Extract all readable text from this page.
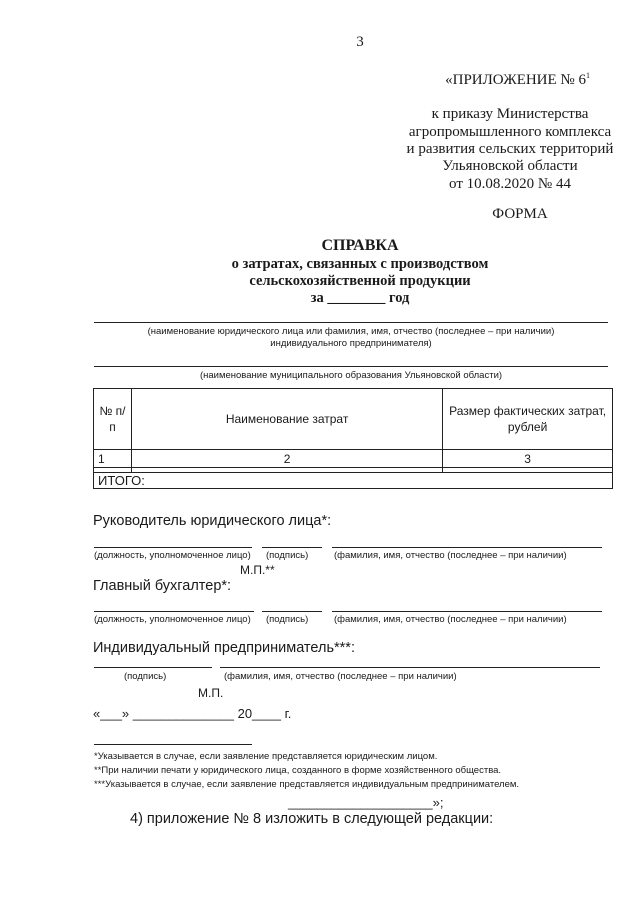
3
«ПРИЛОЖЕНИЕ № $6^1$
к приказу Министерства
агропромышленного комплекса
и развития сельских территорий
Ульяновской области
от 10.08.2020 № 44
ФОРМА
СПРАВКА
о затратах, связанных с производством
сельскохозяйственной продукции
за ________ год
(наименование юридического лица или фамилия, имя, отчество (последнее – при наличии)
индивидуального предпринимателя)
(наименование муниципального образования Ульяновской области)
№ п/п	Наименование затрат	Размер фактических затрат, рублей
1	2	3

ИТОГО:		
Руководитель юридического лица*:
(должность, уполномоченное лицо) (подпись)	(фамилия, имя, отчество (последнее – при наличии)
М.П.**
Главный бухгалтер*:
(должность, уполномоченное лицо) (подпись)	(фамилия, имя, отчество (последнее – при наличии)
Индивидуальный предприниматель***:
(подпись)	(фамилия, имя, отчество (последнее – при наличии)
М.П.
«___» ______________ 20____ г.
*Указывается в случае, если заявление представляется юридическим лицом.
**При наличии печати у юридического лица, созданного в форме хозяйственного общества.
***Указывается в случае, если заявление представляется индивидуальным предпринимателем.
____________________»;
4) приложение № 8 изложить в следующей редакции:
